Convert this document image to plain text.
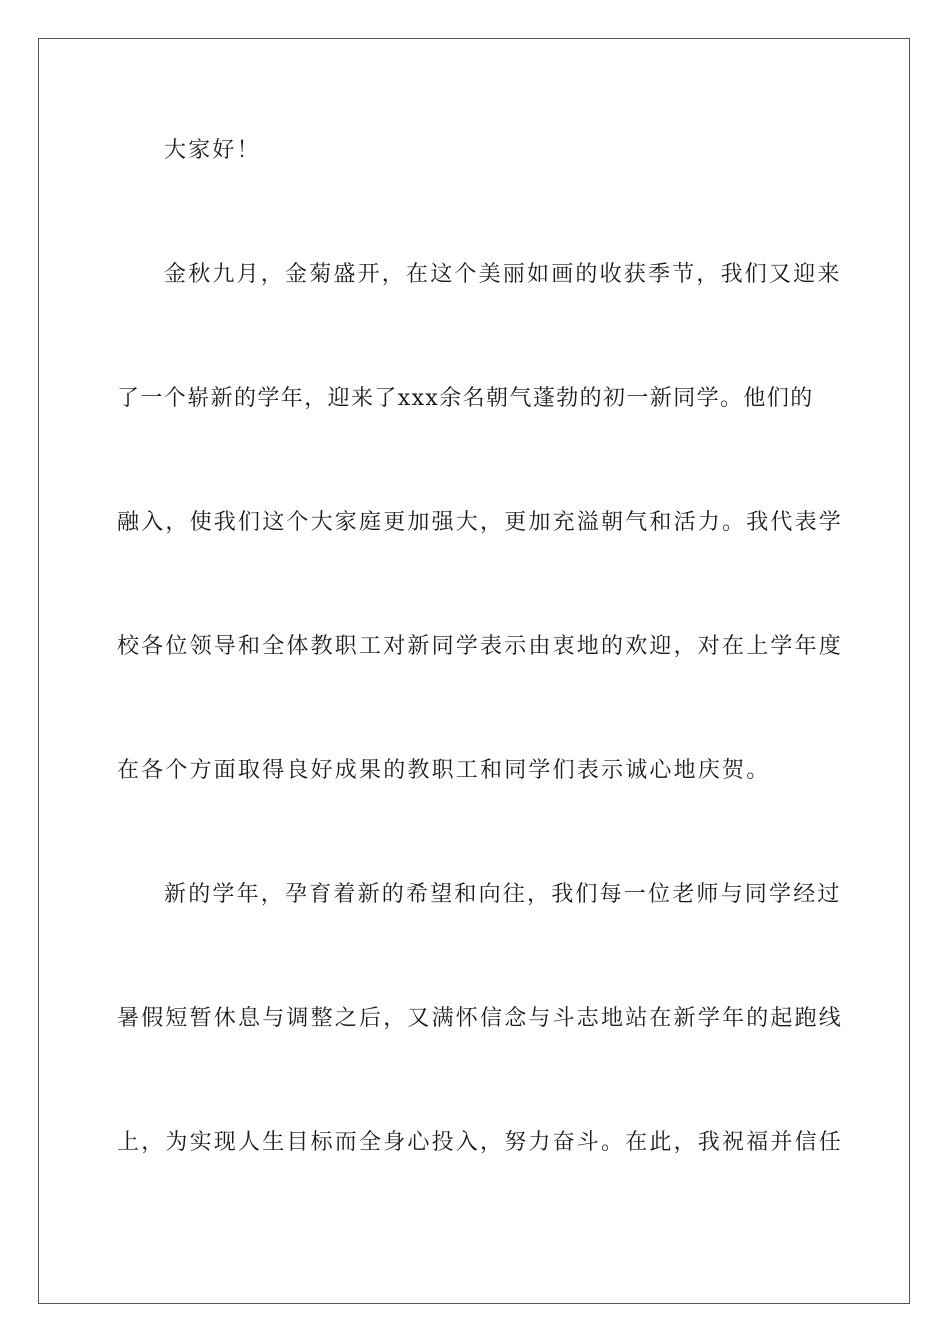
大家好！
金秋九月，金菊盛开，在这个美丽如画的收获季节，我们又迎来
了一个崭新的学年，迎来了xxx余名朝气蓬勃的初一新同学。他们的
融入，使我们这个大家庭更加强大，更加充溢朝气和活力。我代表学
校各位领导和全体教职工对新同学表示由衷地的欢迎，对在上学年度
在各个方面取得良好成果的教职工和同学们表示诚心地庆贺。
新的学年，孕育着新的希望和向往，我们每一位老师与同学经过
暑假短暂休息与调整之后，又满怀信念与斗志地站在新学年的起跑线
上，为实现人生目标而全身心投入，努力奋斗。在此，我祝福并信任
